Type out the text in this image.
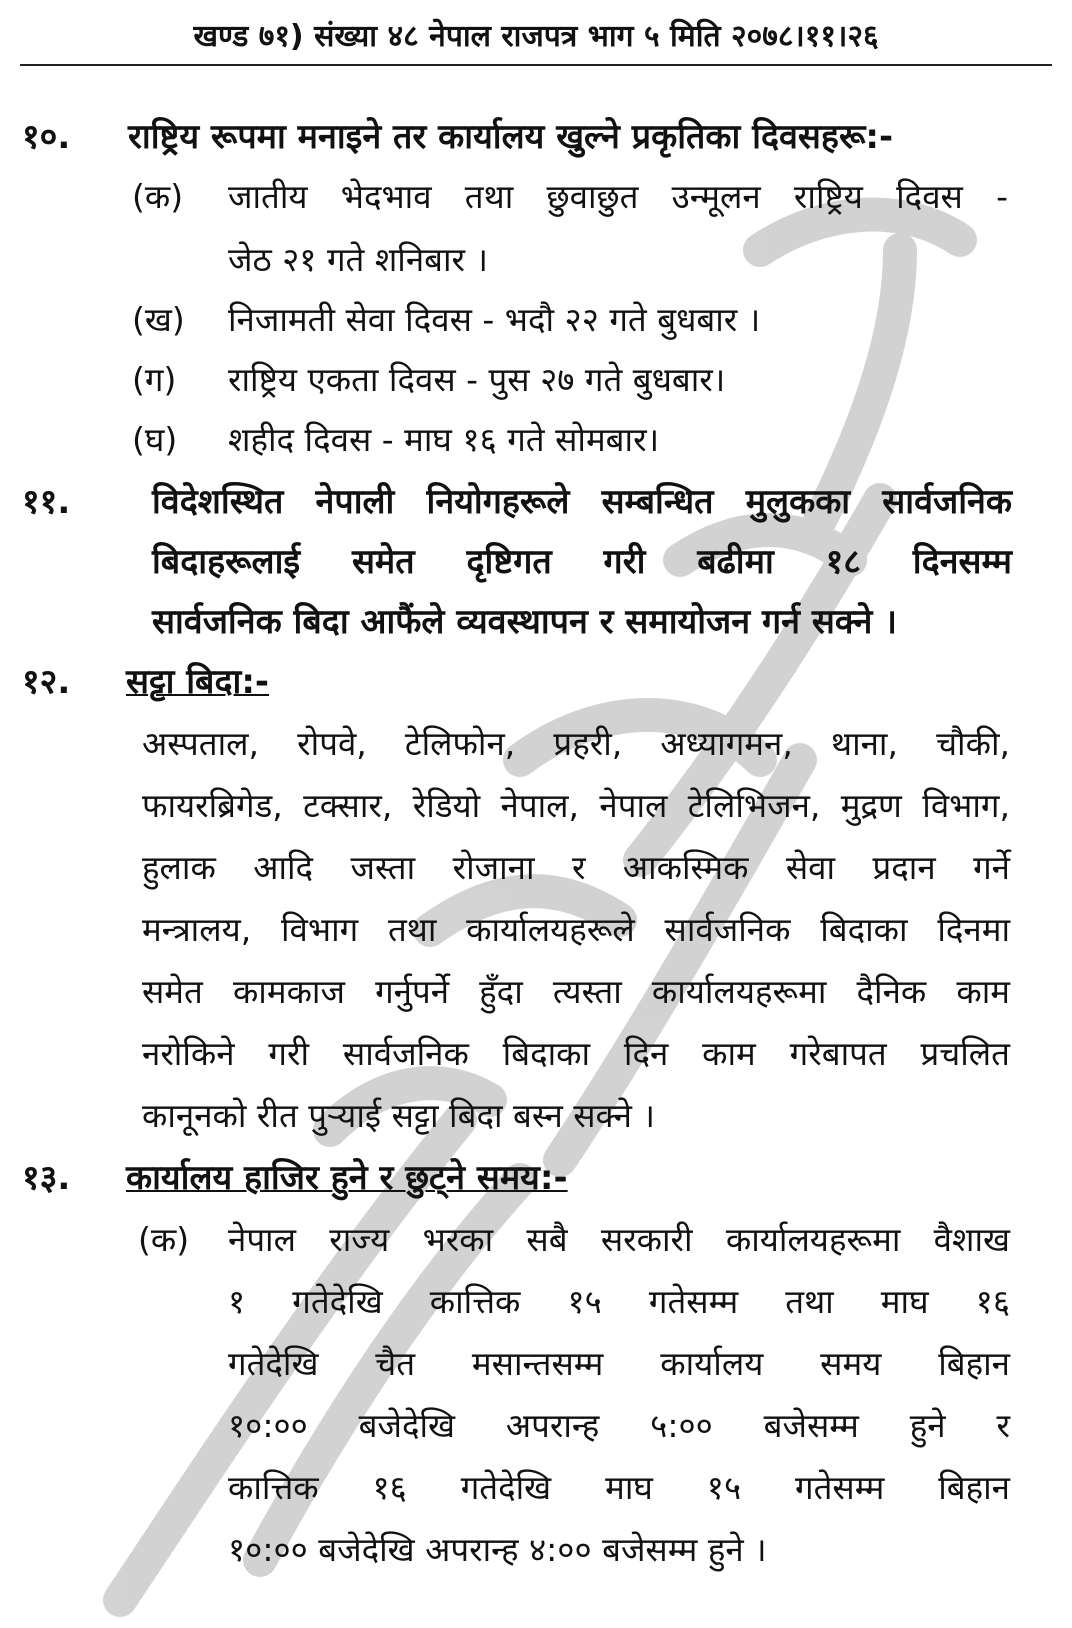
खण्ड ७१) संख्या ४८ नेपाल राजपत्र भाग ५ मिति २०७८।११।२६
१०. राष्ट्रिय रूपमा मनाइने तर कार्यालय खुल्ने प्रकृतिका दिवसहरू:-
(क) जातीय भेदभाव तथा छुवाछुत उन्मूलन राष्ट्रिय दिवस -
जेठ २१ गते शनिबार ।
(ख) निजामती सेवा दिवस - भदौ २२ गते बुधबार ।
(ग) राष्ट्रिय एकता दिवस - पुस २७ गते बुधबार।
(घ) शहीद दिवस - माघ १६ गते सोमबार।
११. विदेशस्थित नेपाली नियोगहरूले सम्बन्धित मुलुकका सार्वजनिक
बिदाहरूलाई समेत दृष्टिगत गरी बढीमा १८ दिनसम्म
सार्वजनिक बिदा आफैंले व्यवस्थापन र समायोजन गर्न सक्ने ।
१२. सट्टा बिदा:-
अस्पताल, रोपवे, टेलिफोन, प्रहरी, अध्यागमन, थाना, चौकी,
फायरब्रिगेड, टक्सार, रेडियो नेपाल, नेपाल टेलिभिजन, मुद्रण विभाग,
हुलाक आदि जस्ता रोजाना र आकस्मिक सेवा प्रदान गर्ने
मन्त्रालय, विभाग तथा कार्यालयहरूले सार्वजनिक बिदाका दिनमा
समेत कामकाज गर्नुपर्ने हुँदा त्यस्ता कार्यालयहरूमा दैनिक काम
नरोकिने गरी सार्वजनिक बिदाका दिन काम गरेबापत प्रचलित
कानूनको रीत पुर्‍याई सट्टा बिदा बस्न सक्ने ।
१३. कार्यालय हाजिर हुने र छुट्ने समय:-
(क) नेपाल राज्य भरका सबै सरकारी कार्यालयहरूमा वैशाख
१ गतेदेखि कात्तिक १५ गतेसम्म तथा माघ १६
गतेदेखि चैत मसान्तसम्म कार्यालय समय बिहान
१०:०० बजेदेखि अपरान्ह ५:०० बजेसम्म हुने र
कात्तिक १६ गतेदेखि माघ १५ गतेसम्म बिहान
१०:०० बजेदेखि अपरान्ह ४:०० बजेसम्म हुने ।
